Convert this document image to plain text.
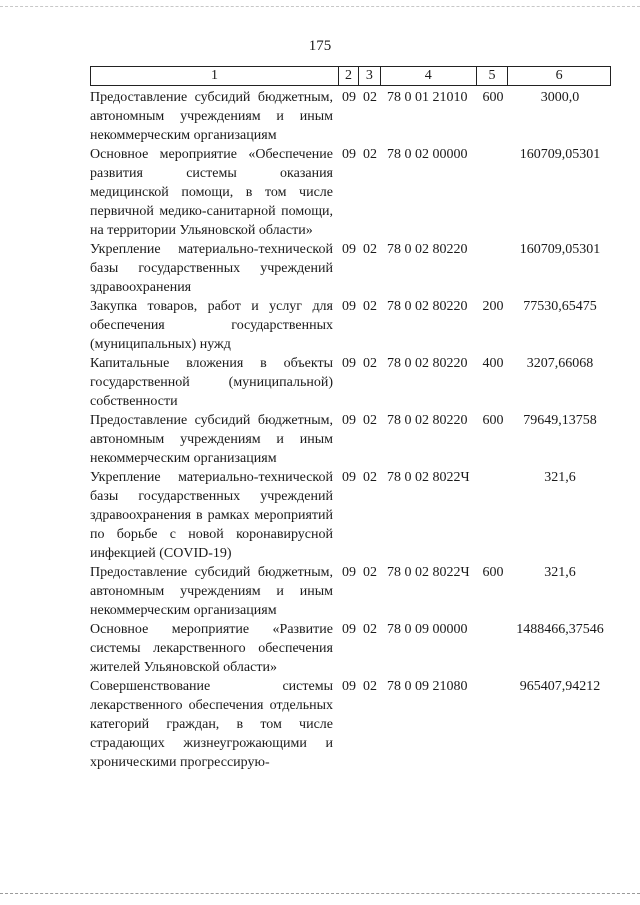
175
1	2 3	4	5	6
Предоставление субсидий бюджетным, автономным учреждениям и иным некоммерческим организациям
09 02 78 0 01 21010	600	3000,0
Основное мероприятие «Обеспечение развития системы оказания медицинской помощи, в том числе первичной медико-санитарной помощи, на территории Ульяновской области»
09 02 78 0 02 00000	160709,05301
Укрепление материально-технической базы государственных учреждений здравоохранения
09 02 78 0 02 80220	160709,05301
Закупка товаров, работ и услуг для обеспечения государственных (муниципальных) нужд
09 02 78 0 02 80220	200	77530,65475
Капитальные вложения в объекты государственной (муниципальной) собственности
09 02 78 0 02 80220	400	3207,66068
Предоставление субсидий бюджетным, автономным учреждениям и иным некоммерческим организациям
09 02 78 0 02 80220	600	79649,13758
Укрепление материально-технической базы государственных учреждений здравоохранения в рамках мероприятий по борьбе с новой коронавирусной инфекцией (COVID-19)
09 02 78 0 02 8022Ч	321,6
Предоставление субсидий бюджетным, автономным учреждениям и иным некоммерческим организациям
09 02 78 0 02 8022Ч 600	321,6
Основное мероприятие «Развитие системы лекарственного обеспечения жителей Ульяновской области»
09 02 78 0 09 00000	1488466,37546
Совершенствование системы лекарственного обеспечения отдельных категорий граждан, в том числе страдающих жизнеугрожающими и хроническими прогрессирую-
09 02 78 0 09 21080	965407,94212
